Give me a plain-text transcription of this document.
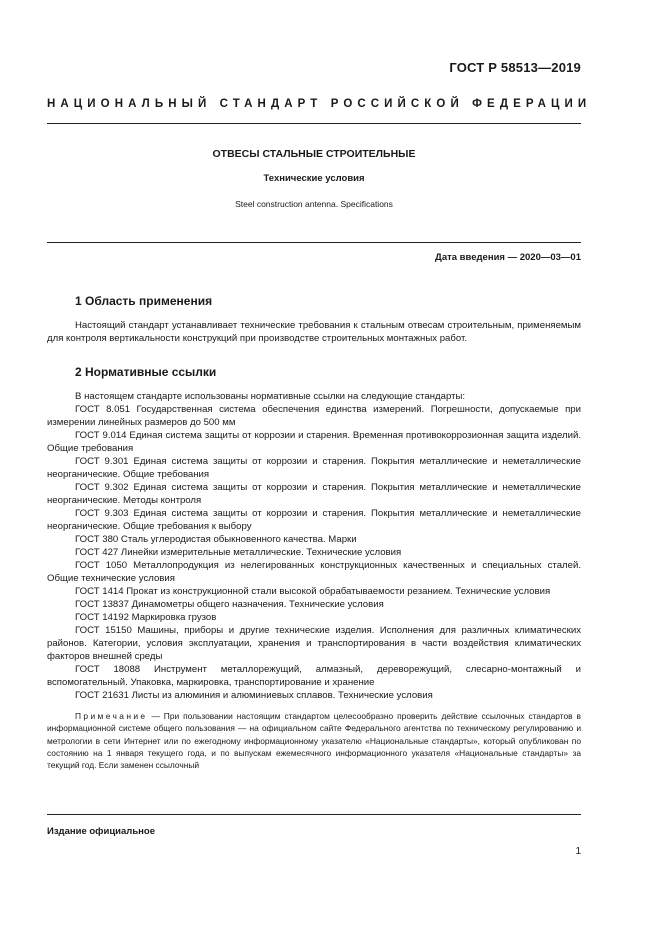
ГОСТ Р 58513—2019
НАЦИОНАЛЬНЫЙ СТАНДАРТ РОССИЙСКОЙ ФЕДЕРАЦИИ
ОТВЕСЫ СТАЛЬНЫЕ СТРОИТЕЛЬНЫЕ
Технические условия
Steel construction antenna. Specifications
Дата введения — 2020—03—01
1 Область применения

Настоящий стандарт устанавливает технические требования к стальным отвесам строительным, применяемым для контроля вертикальности конструкций при производстве строительных монтажных работ.

2 Нормативные ссылки

В настоящем стандарте использованы нормативные ссылки на следующие стандарты:

ГОСТ 8.051 Государственная система обеспечения единства измерений. Погрешности, допускаемые при измерении линейных размеров до 500 мм

ГОСТ 9.014 Единая система защиты от коррозии и старения. Временная противокоррозионная защита изделий. Общие требования

ГОСТ 9.301 Единая система защиты от коррозии и старения. Покрытия металлические и неметаллические неорганические. Общие требования

ГОСТ 9.302 Единая система защиты от коррозии и старения. Покрытия металлические и неметаллические неорганические. Методы контроля

ГОСТ 9.303 Единая система защиты от коррозии и старения. Покрытия металлические и неметаллические неорганические. Общие требования к выбору

ГОСТ 380 Сталь углеродистая обыкновенного качества. Марки

ГОСТ 427 Линейки измерительные металлические. Технические условия

ГОСТ 1050 Металлопродукция из нелегированных конструкционных качественных и специальных сталей. Общие технические условия

ГОСТ 1414 Прокат из конструкционной стали высокой обрабатываемости резанием. Технические условия

ГОСТ 13837 Динамометры общего назначения. Технические условия

ГОСТ 14192 Маркировка грузов

ГОСТ 15150 Машины, приборы и другие технические изделия. Исполнения для различных климатических районов. Категории, условия эксплуатации, хранения и транспортирования в части воздействия климатических факторов внешней среды

ГОСТ 18088 Инструмент металлорежущий, алмазный, дереворежущий, слесарно-монтажный и вспомогательный. Упаковка, маркировка, транспортирование и хранение

ГОСТ 21631 Листы из алюминия и алюминиевых сплавов. Технические условия

Примечание — При пользовании настоящим стандартом целесообразно проверить действие ссылочных стандартов в информационной системе общего пользования — на официальном сайте Федерального агентства по техническому регулированию и метрологии в сети Интернет или по ежегодному информационному указателю «Национальные стандарты», который опубликован по состоянию на 1 января текущего года, и по выпускам ежемесячного информационного указателя «Национальные стандарты» за текущий год. Если заменен ссылочный
Издание официальное
1
